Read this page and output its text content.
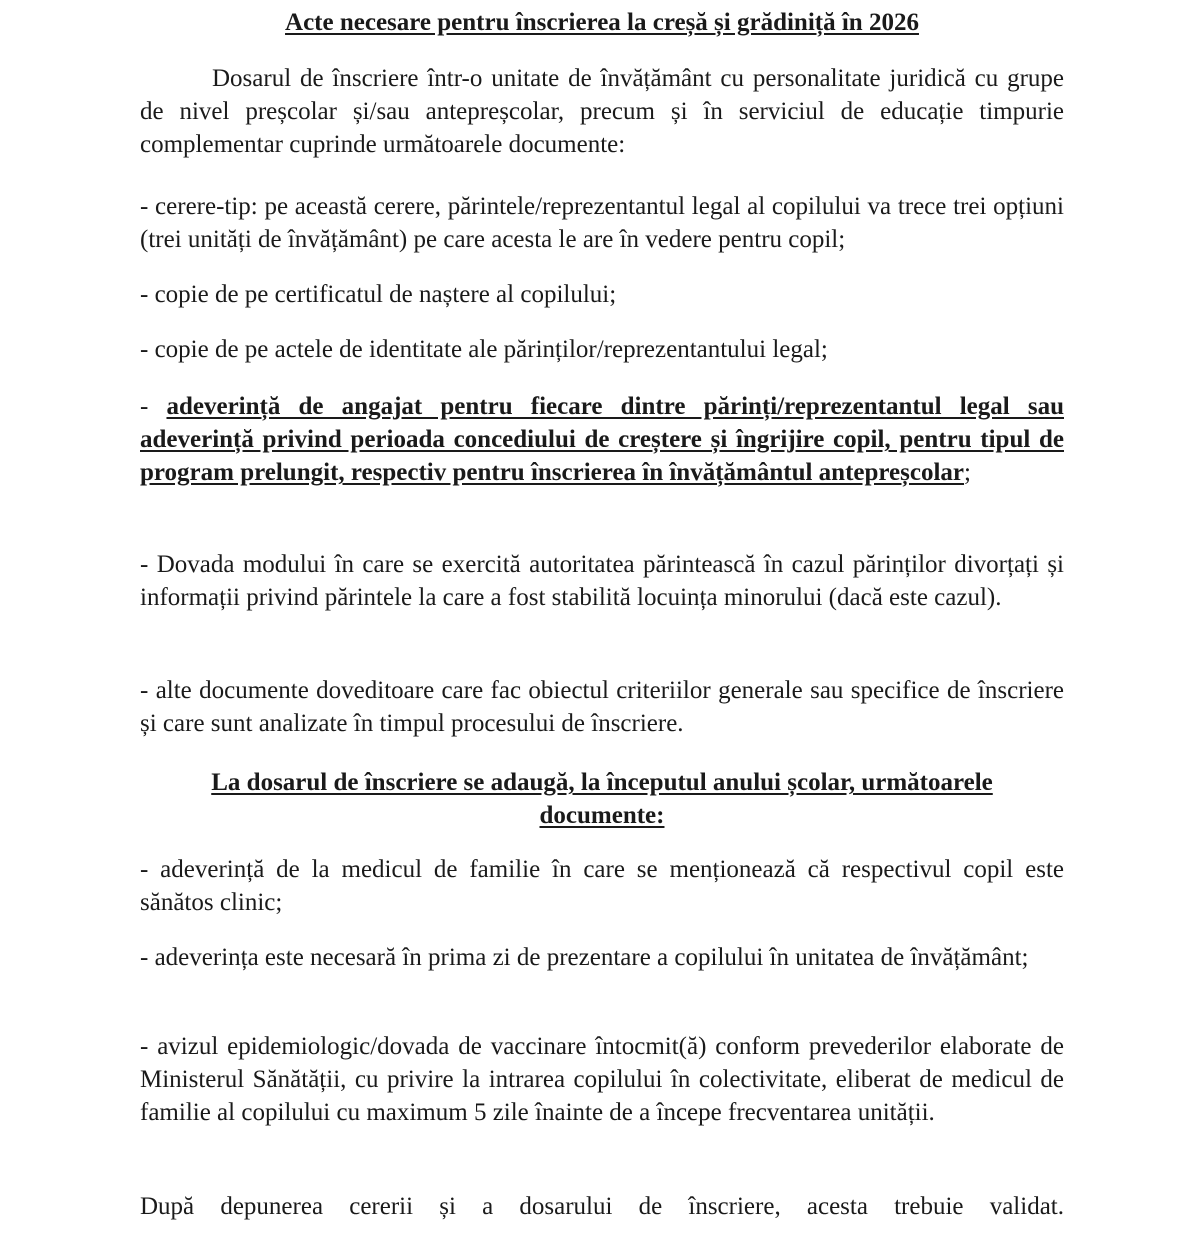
Acte necesare pentru înscrierea la creșă și grădiniță în 2026

Dosarul de înscriere într-o unitate de învățământ cu personalitate juridică cu grupe de nivel preșcolar și/sau antepreșcolar, precum și în serviciul de educație timpurie complementar cuprinde următoarele documente:

- cerere-tip: pe această cerere, părintele/reprezentantul legal al copilului va trece trei opțiuni (trei unități de învățământ) pe care acesta le are în vedere pentru copil;

- copie de pe certificatul de naștere al copilului;

- copie de pe actele de identitate ale părinților/reprezentantului legal;

- adeverință de angajat pentru fiecare dintre părinți/reprezentantul legal sau adeverință privind perioada concediului de creștere și îngrijire copil, pentru tipul de program prelungit, respectiv pentru înscrierea în învățământul antepreșcolar;

- Dovada modului în care se exercită autoritatea părintească în cazul părinților divorțați și informații privind părintele la care a fost stabilită locuința minorului (dacă este cazul).

- alte documente doveditoare care fac obiectul criteriilor generale sau specifice de înscriere și care sunt analizate în timpul procesului de înscriere.

La dosarul de înscriere se adaugă, la începutul anului școlar, următoarele documente:

- adeverință de la medicul de familie în care se menționează că respectivul copil este sănătos clinic;

- adeverința este necesară în prima zi de prezentare a copilului în unitatea de învățământ;

- avizul epidemiologic/dovada de vaccinare întocmit(ă) conform prevederilor elaborate de Ministerul Sănătății, cu privire la intrarea copilului în colectivitate, eliberat de medicul de familie al copilului cu maximum 5 zile înainte de a începe frecventarea unității.

După depunerea cererii și a dosarului de înscriere, acesta trebuie validat.
